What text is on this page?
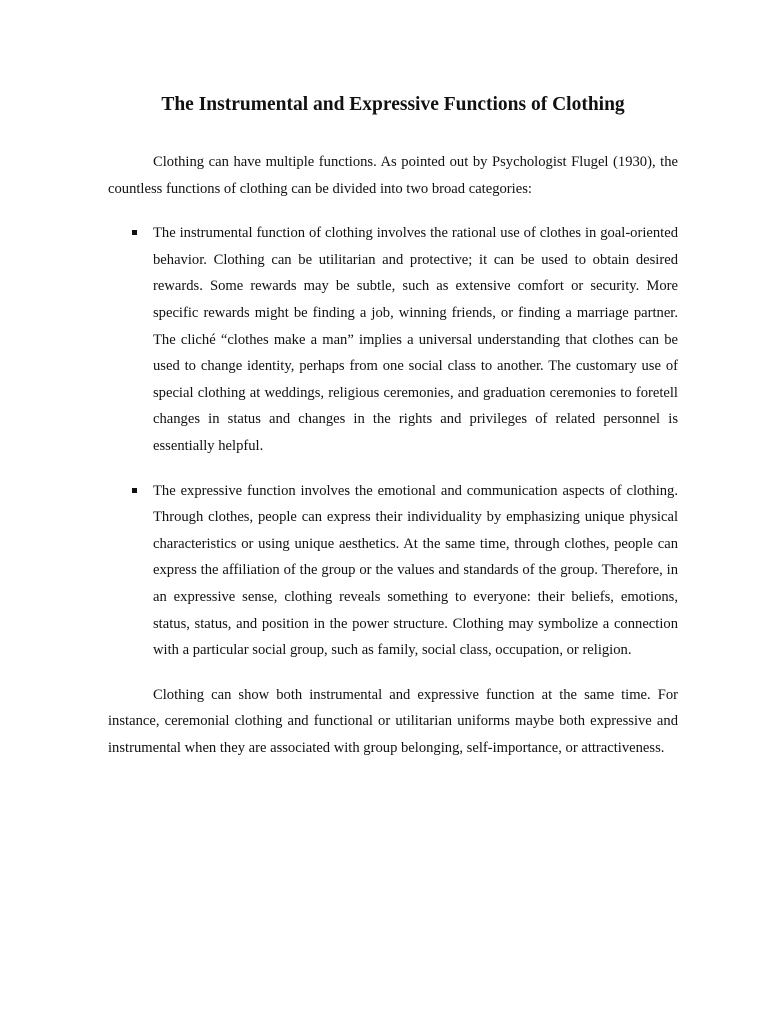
The Instrumental and Expressive Functions of Clothing

Clothing can have multiple functions. As pointed out by Psychologist Flugel (1930), the countless functions of clothing can be divided into two broad categories:

The instrumental function of clothing involves the rational use of clothes in goal-oriented behavior. Clothing can be utilitarian and protective; it can be used to obtain desired rewards. Some rewards may be subtle, such as extensive comfort or security. More specific rewards might be finding a job, winning friends, or finding a marriage partner. The cliché “clothes make a man” implies a universal understanding that clothes can be used to change identity, perhaps from one social class to another. The customary use of special clothing at weddings, religious ceremonies, and graduation ceremonies to foretell changes in status and changes in the rights and privileges of related personnel is essentially helpful.
The expressive function involves the emotional and communication aspects of clothing. Through clothes, people can express their individuality by emphasizing unique physical characteristics or using unique aesthetics. At the same time, through clothes, people can express the affiliation of the group or the values and standards of the group. Therefore, in an expressive sense, clothing reveals something to everyone: their beliefs, emotions, status, status, and position in the power structure. Clothing may symbolize a connection with a particular social group, such as family, social class, occupation, or religion.

Clothing can show both instrumental and expressive function at the same time. For instance, ceremonial clothing and functional or utilitarian uniforms maybe both expressive and instrumental when they are associated with group belonging, self-importance, or attractiveness.
